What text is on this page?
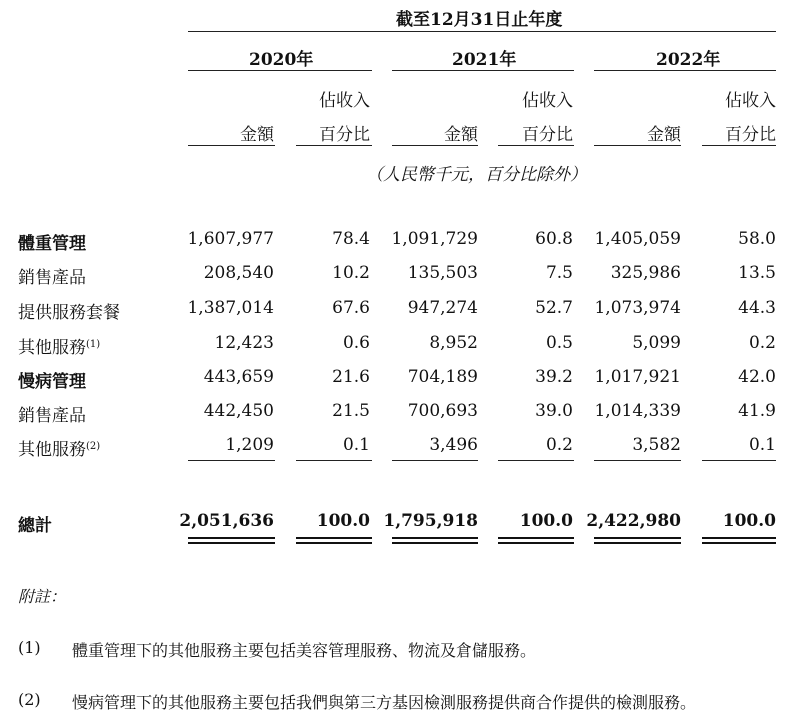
截至12月31日止年度
2020年	2021年	2022年
佔收入	佔收入	佔收入
金額	百分比	金額	百分比	金額	百分比
（人民幣千元，百分比除外）
體重管理	1,607,977	78.4 1,091,729	60.8 1,405,059	58.0
銷售產品	208,540	10.2 135,503	7.5 325,986	13.5
提供服務套餐	1,387,014	67.6 947,274	52.7 1,073,974	44.3
其他服務$^{(1)}$	12,423	0.6	8,952	0.5	5,099	0.2
慢病管理	443,659	21.6 704,189	39.2 1,017,921	42.0
銷售產品	442,450	21.5 700,693	39.0 1,014,339	41.9
其他服務$^{(2)}$	1,209	0.1	3,496	0.2	3,582	0.1
總計	2,051,636	100.0 1,795,918 100.0 2,422,980 100.0
附註：
(1) 體重管理下的其他服務主要包括美容管理服務、物流及倉儲服務。
(2) 慢病管理下的其他服務主要包括我們與第三方基因檢測服務提供商合作提供的檢測服務。
